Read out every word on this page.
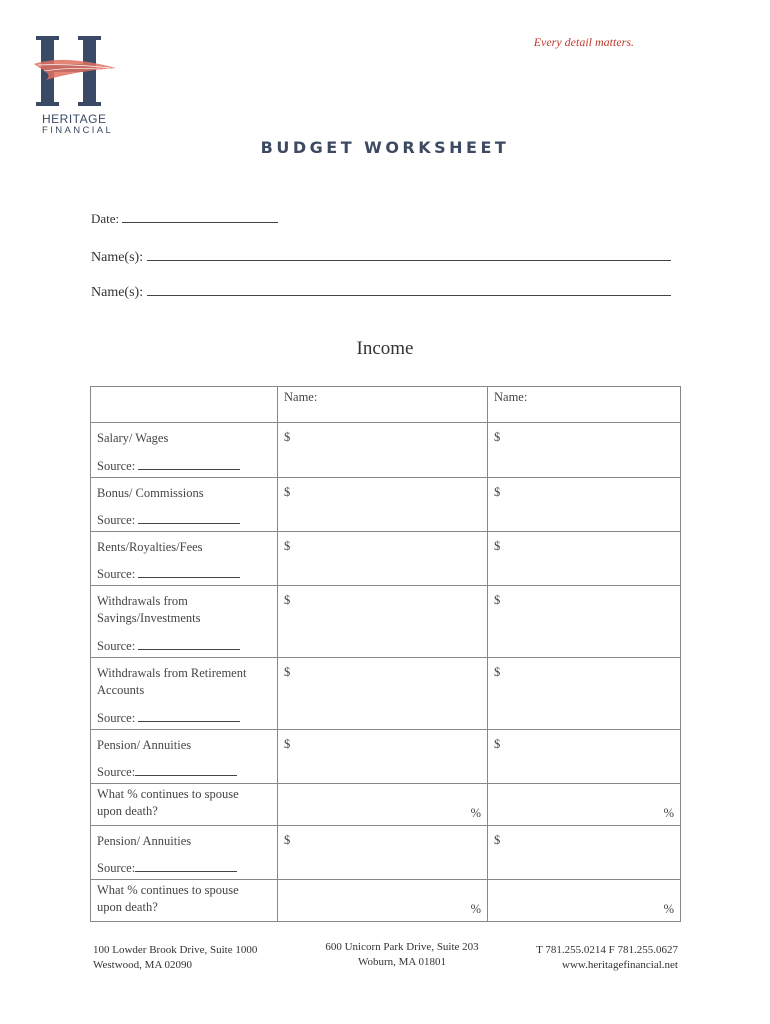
HERITAGE
FINANCIAL
Every detail matters.
BUDGET WORKSHEET
Date:
Name(s):
Name(s):
Income

	Name:	Name:

Salary/ Wages
Source:	$	$

Bonus/ Commissions
Source:	$	$

Rents/Royalties/Fees
Source:	$	$

Withdrawals from
Savings/Investments
Source:	$	$

Withdrawals from Retirement
Accounts
Source:	$	$

Pension/ Annuities
Source:	$	$

What % continues to spouse
upon death?	%	%

Pension/ Annuities
Source:	$	$

What % continues to spouse
upon death?	%	%
100 Lowder Brook Drive, Suite 1000
Westwood, MA 02090
600 Unicorn Park Drive, Suite 203
Woburn, MA 01801
T 781.255.0214 F 781.255.0627
www.heritagefinancial.net
